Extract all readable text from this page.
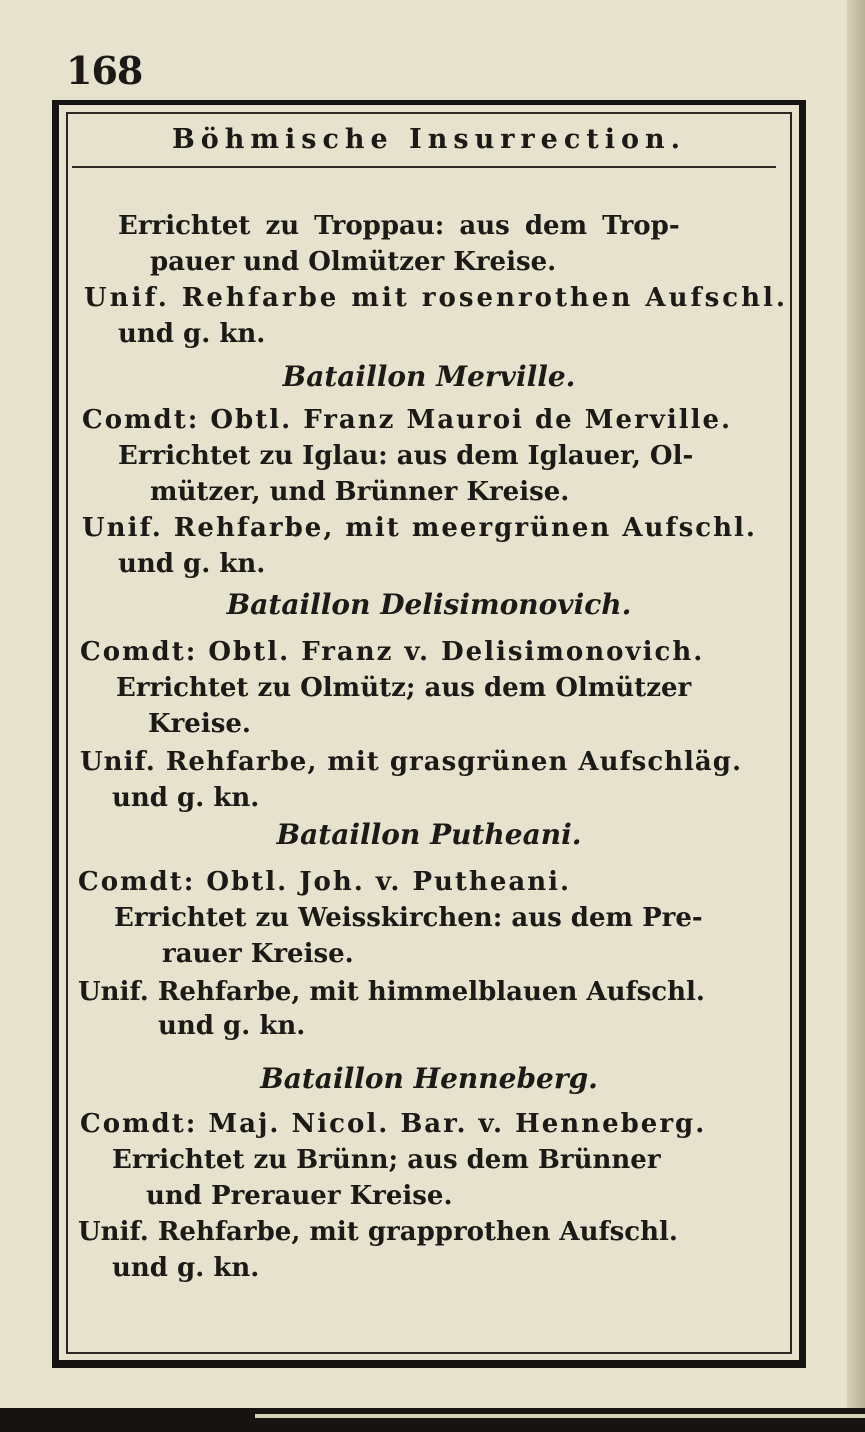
168
Böhmische Insurrection.
Errichtet zu Troppau: aus dem Trop-
pauer und Olmützer Kreise.
Unif. Rehfarbe mit rosenrothen Aufschl.
und g. kn.
Bataillon Merville.
Comdt: Obtl. Franz Mauroi de Merville.
Errichtet zu Iglau: aus dem Iglauer, Ol-
mützer, und Brünner Kreise.
Unif. Rehfarbe, mit meergrünen Aufschl.
und g. kn.
Bataillon Delisimonovich.
Comdt: Obtl. Franz v. Delisimonovich.
Errichtet zu Olmütz; aus dem Olmützer
Kreise.
Unif. Rehfarbe, mit grasgrünen Aufschläg.
und g. kn.
Bataillon Putheani.
Comdt: Obtl. Joh. v. Putheani.
Errichtet zu Weisskirchen: aus dem Pre-
rauer Kreise.
Unif. Rehfarbe, mit himmelblauen Aufschl.
und g. kn.
Bataillon Henneberg.
Comdt: Maj. Nicol. Bar. v. Henneberg.
Errichtet zu Brünn; aus dem Brünner
und Prerauer Kreise.
Unif. Rehfarbe, mit grapprothen Aufschl.
und g. kn.
